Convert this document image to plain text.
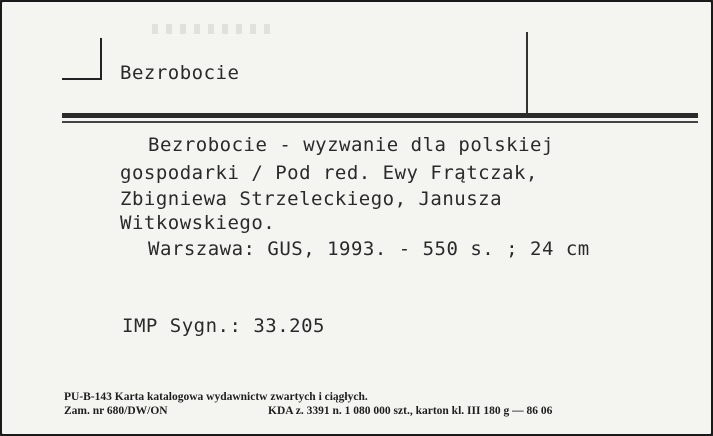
Bezrobocie
Bezrobocie - wyzwanie dla polskiej
gospodarki / Pod red. Ewy Frątczak,
Zbigniewa Strzeleckiego, Janusza
Witkowskiego.
Warszawa: GUS, 1993. - 550 s. ; 24 cm
IMP Sygn.: 33.205
PU-B-143 Karta katalogowa wydawnictw zwartych i ciągłych.
Zam. nr 680/DW/ON	KDA z. 3391 n. 1 080 000 szt., karton kl. III 180 g — 86 06
